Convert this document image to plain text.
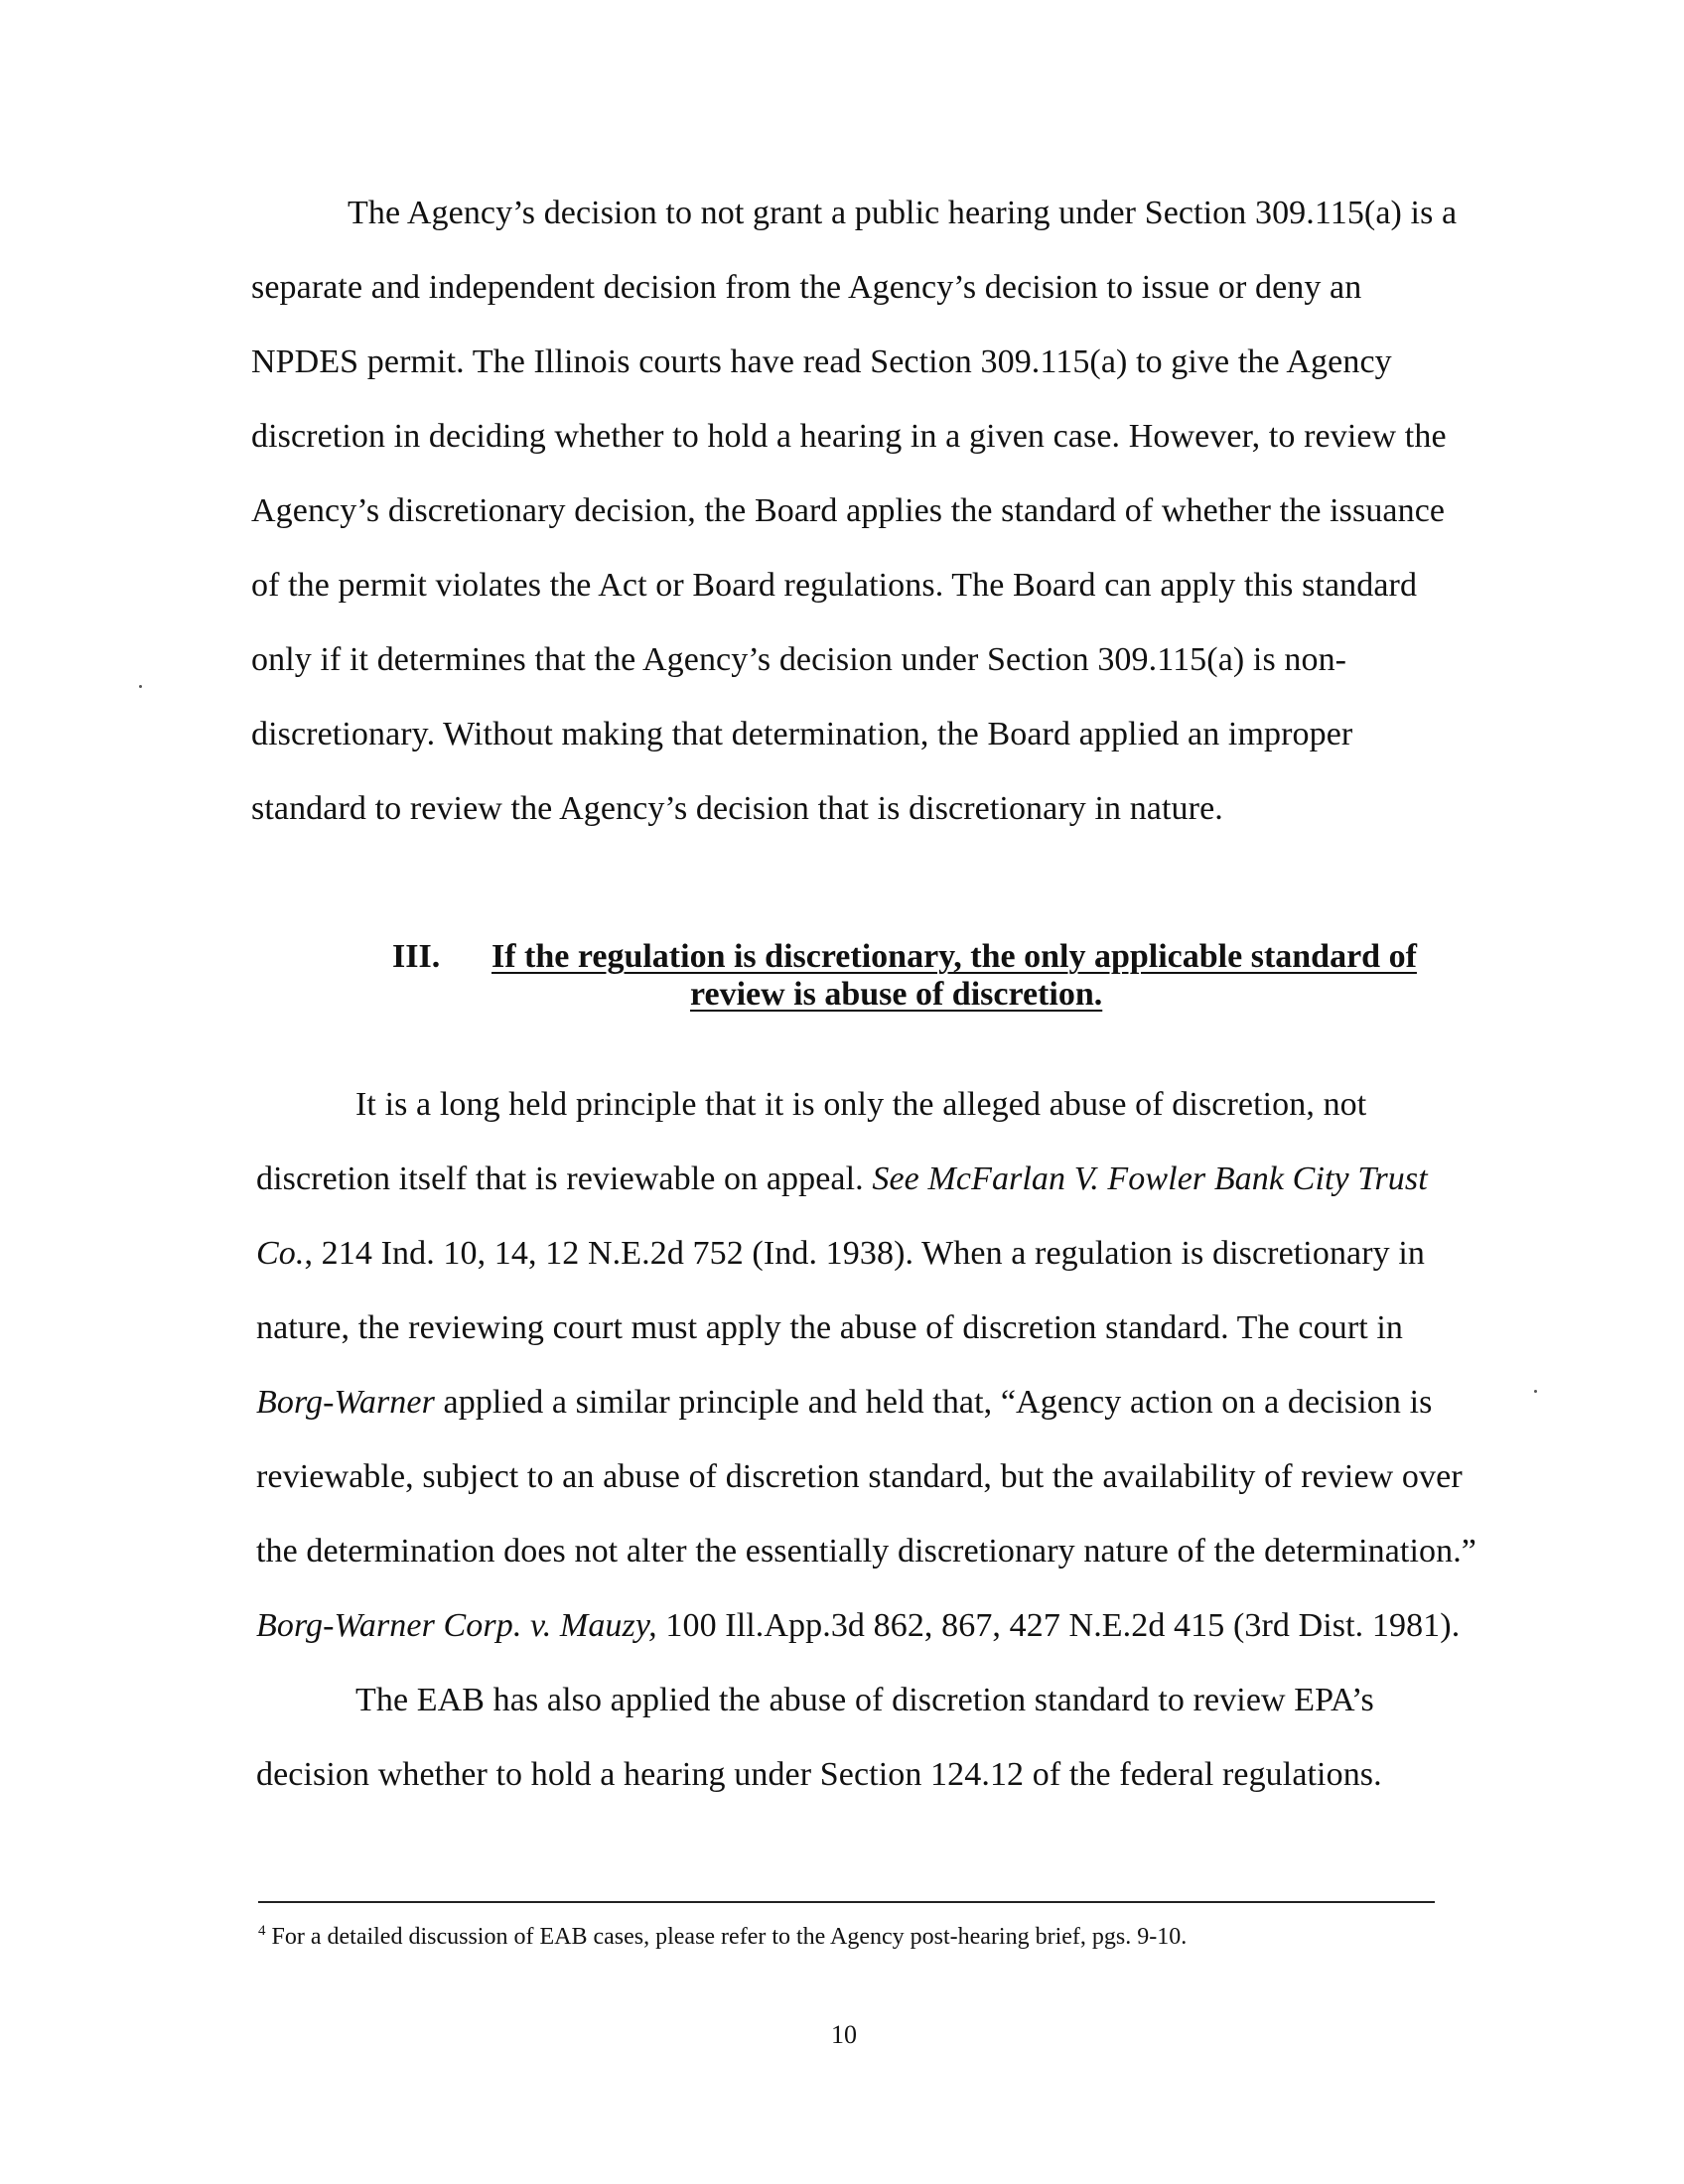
The Agency’s decision to not grant a public hearing under Section 309.115(a) is a
separate and independent decision from the Agency’s decision to issue or deny an
NPDES permit. The Illinois courts have read Section 309.115(a) to give the Agency
discretion in deciding whether to hold a hearing in a given case. However, to review the
Agency’s discretionary decision, the Board applies the standard of whether the issuance
of the permit violates the Act or Board regulations. The Board can apply this standard
only if it determines that the Agency’s decision under Section 309.115(a) is non-
discretionary. Without making that determination, the Board applied an improper
standard to review the Agency’s decision that is discretionary in nature.
III. If the regulation is discretionary, the only applicable standard of
review is abuse of discretion.
It is a long held principle that it is only the alleged abuse of discretion, not
discretion itself that is reviewable on appeal. See McFarlan V. Fowler Bank City Trust
Co., 214 Ind. 10, 14, 12 N.E.2d 752 (Ind. 1938). When a regulation is discretionary in
nature, the reviewing court must apply the abuse of discretion standard. The court in
Borg-Warner applied a similar principle and held that, “Agency action on a decision is
reviewable, subject to an abuse of discretion standard, but the availability of review over
the determination does not alter the essentially discretionary nature of the determination.”
Borg-Warner Corp. v. Mauzy, 100 Ill.App.3d 862, 867, 427 N.E.2d 415 (3rd Dist. 1981).
The EAB has also applied the abuse of discretion standard to review EPA’s
decision whether to hold a hearing under Section 124.12 of the federal regulations.
$^4$ For a detailed discussion of EAB cases, please refer to the Agency post-hearing brief, pgs. 9-10.
10
